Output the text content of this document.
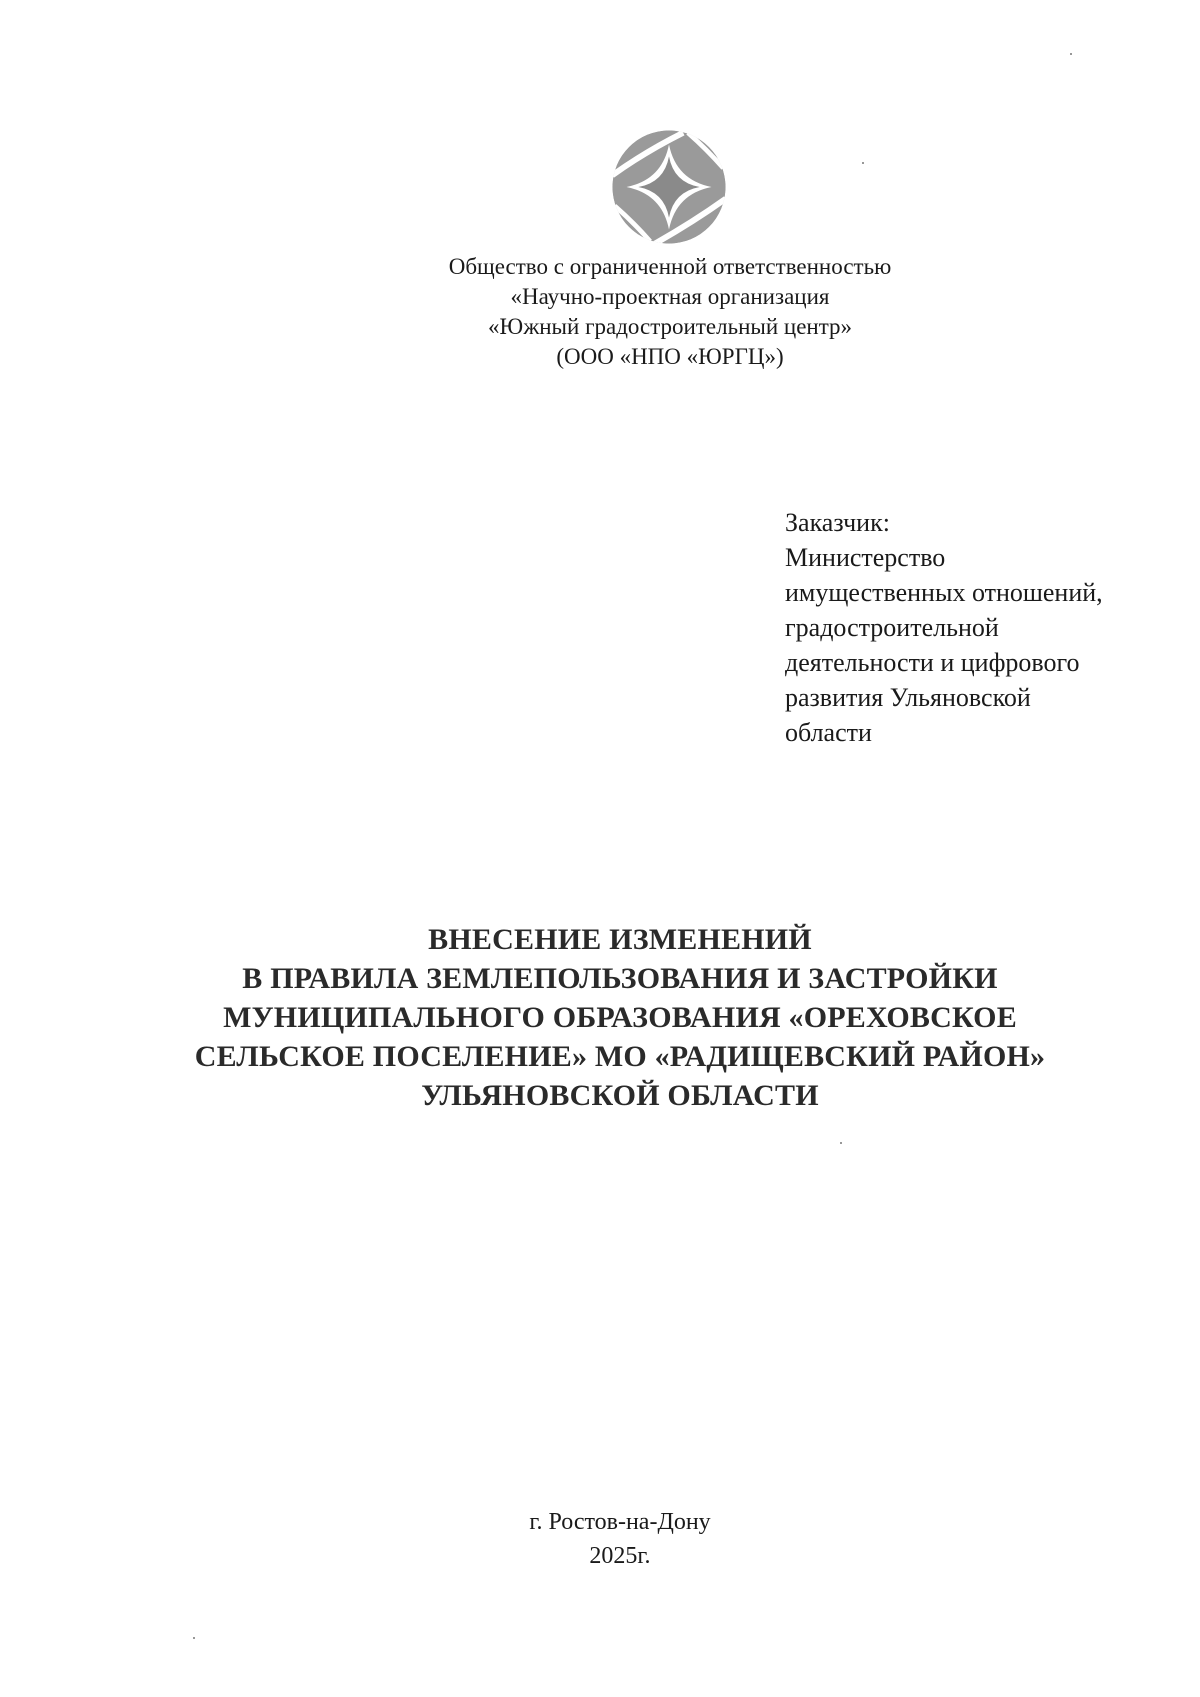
Общество с ограниченной ответственностью
«Научно-проектная организация
«Южный градостроительный центр»
(ООО «НПО «ЮРГЦ»)
Заказчик:
Министерство
имущественных отношений,
градостроительной
деятельности и цифрового
развития Ульяновской
области
ВНЕСЕНИЕ ИЗМЕНЕНИЙ
В ПРАВИЛА ЗЕМЛЕПОЛЬЗОВАНИЯ И ЗАСТРОЙКИ
МУНИЦИПАЛЬНОГО ОБРАЗОВАНИЯ «ОРЕХОВСКОЕ
СЕЛЬСКОЕ ПОСЕЛЕНИЕ» МО «РАДИЩЕВСКИЙ РАЙОН»
УЛЬЯНОВСКОЙ ОБЛАСТИ
г. Ростов-на-Дону
2025г.
